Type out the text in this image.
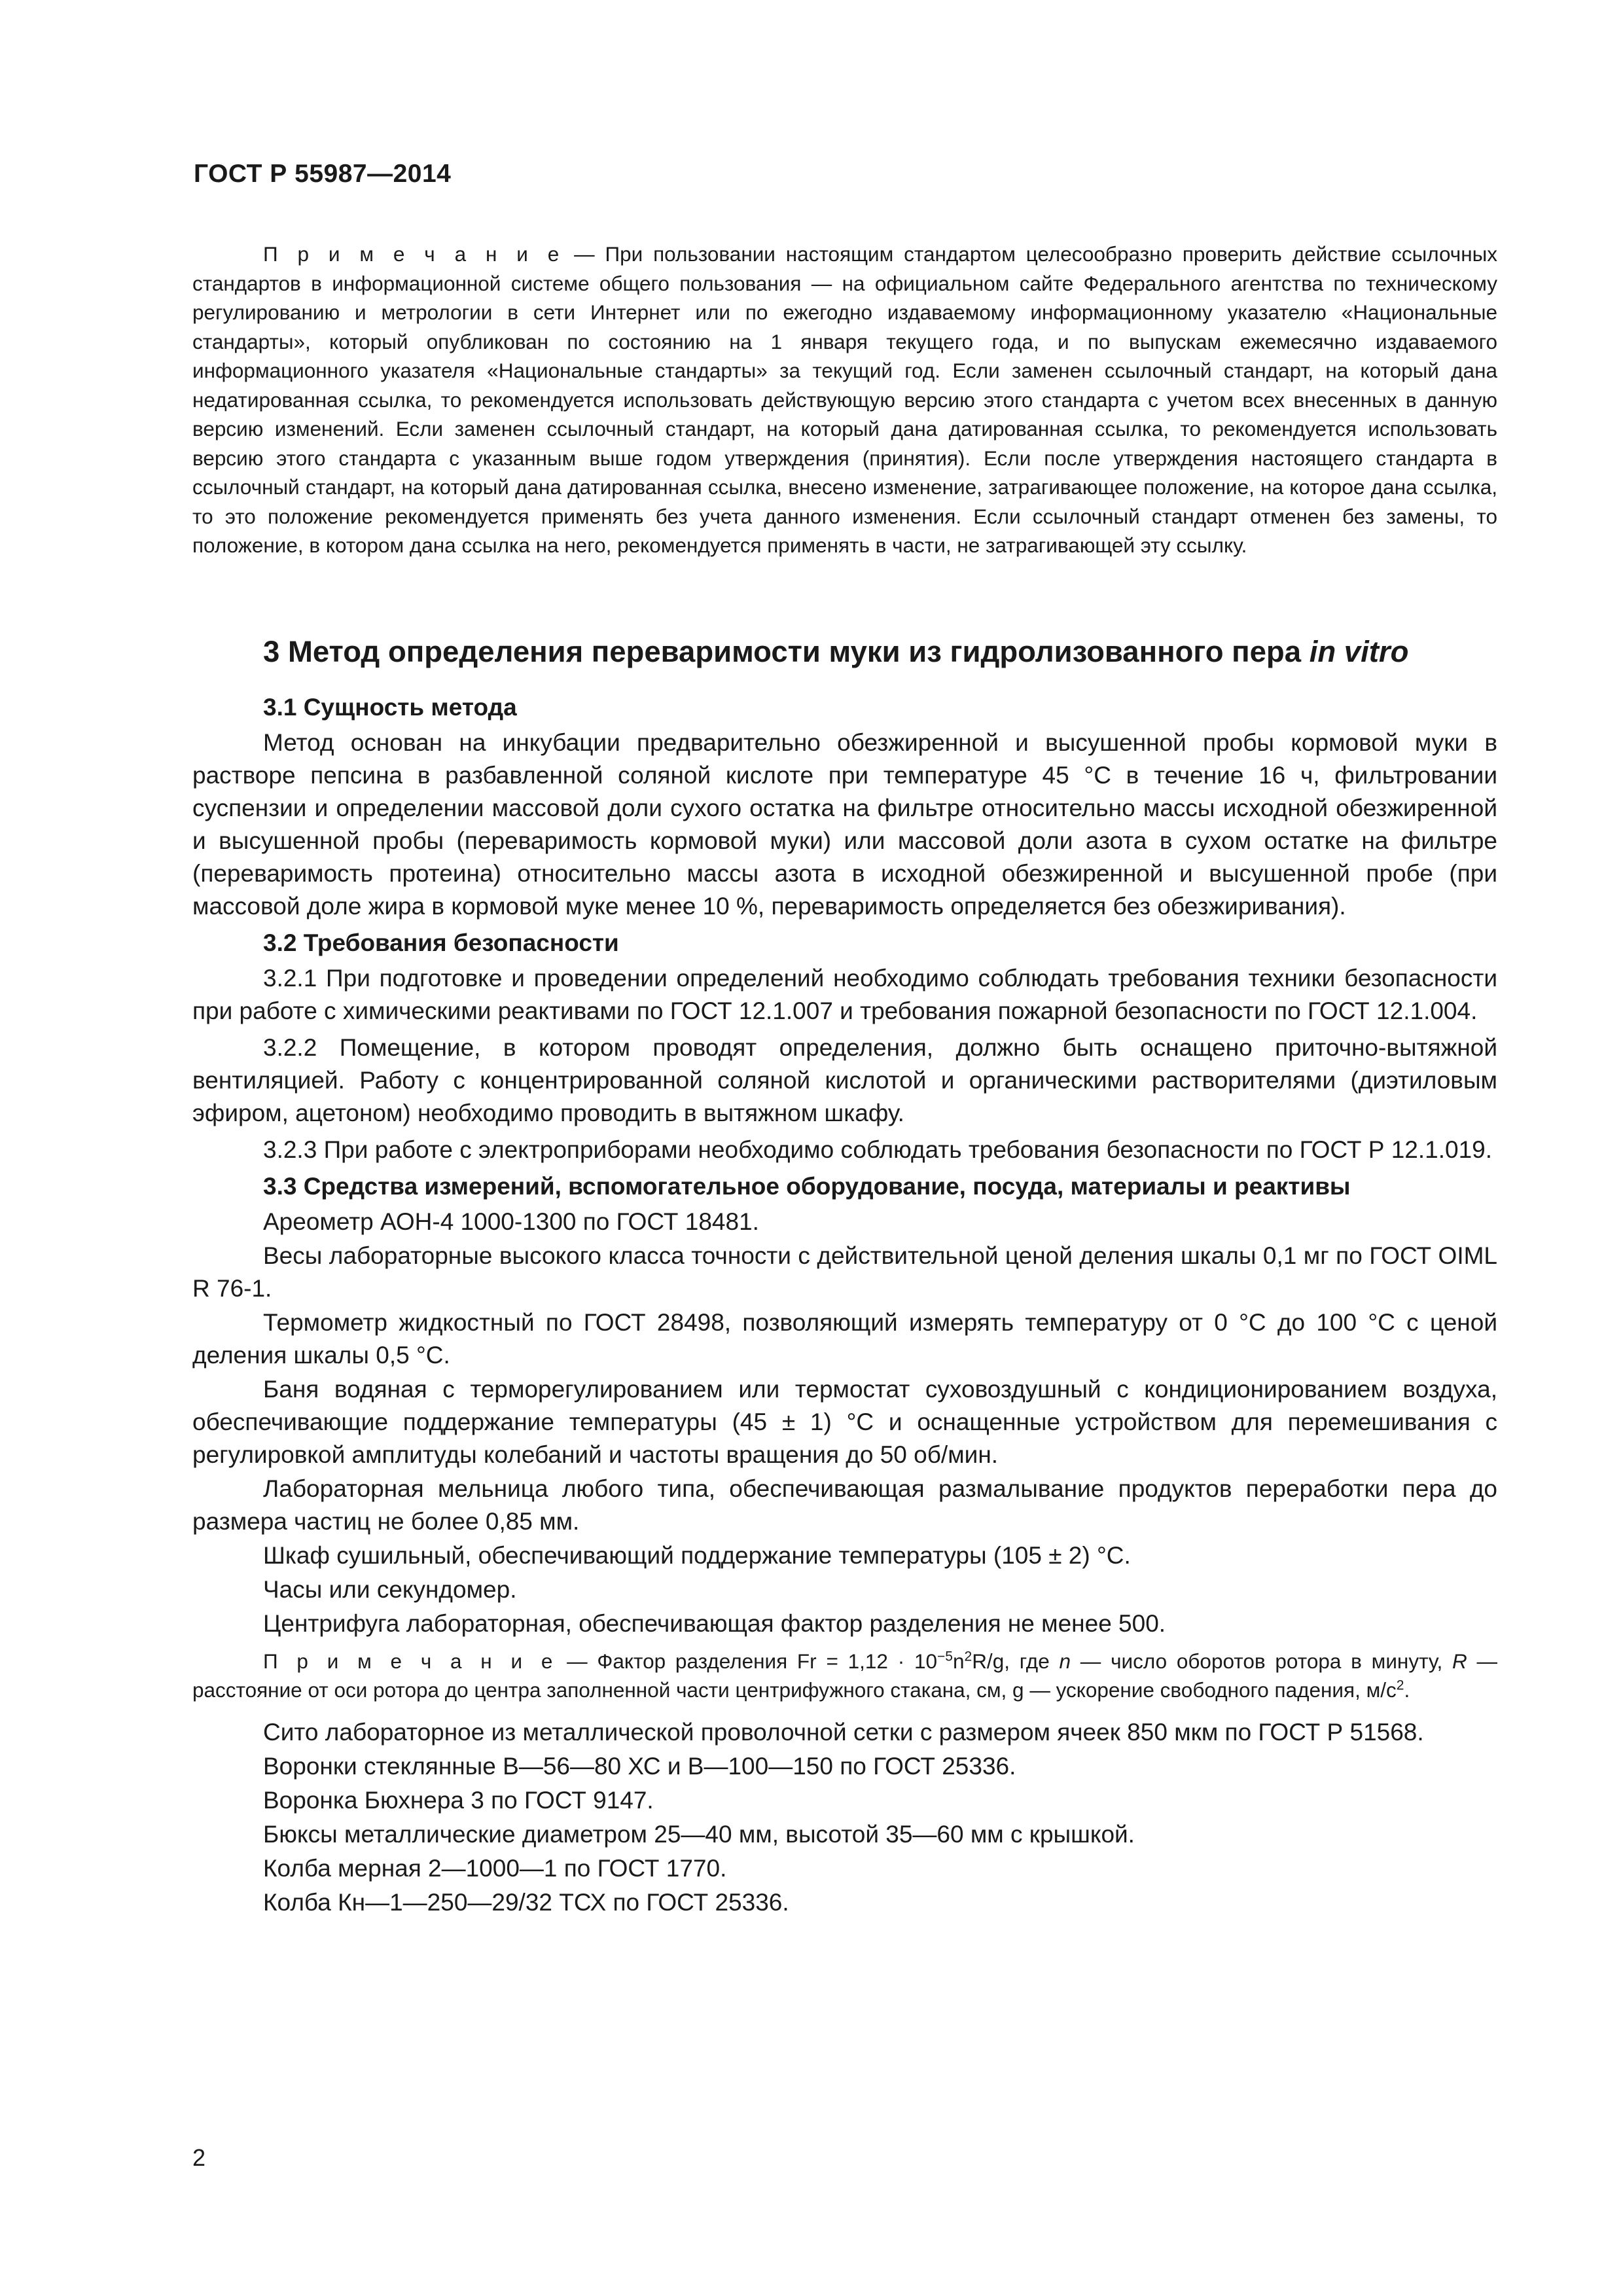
ГОСТ Р 55987—2014

П р и м е ч а н и е — При пользовании настоящим стандартом целесообразно проверить действие ссылочных стандартов в информационной системе общего пользования — на официальном сайте Федерального агентства по техническому регулированию и метрологии в сети Интернет или по ежегодно издаваемому информационному указателю «Национальные стандарты», который опубликован по состоянию на 1 января текущего года, и по выпускам ежемесячно издаваемого информационного указателя «Национальные стандарты» за текущий год. Если заменен ссылочный стандарт, на который дана недатированная ссылка, то рекомендуется использовать действующую версию этого стандарта с учетом всех внесенных в данную версию изменений. Если заменен ссылочный стандарт, на который дана датированная ссылка, то рекомендуется использовать версию этого стандарта с указанным выше годом утверждения (принятия). Если после утверждения настоящего стандарта в ссылочный стандарт, на который дана датированная ссылка, внесено изменение, затрагивающее положение, на которое дана ссылка, то это положение рекомендуется применять без учета данного изменения. Если ссылочный стандарт отменен без замены, то положение, в котором дана ссылка на него, рекомендуется применять в части, не затрагивающей эту ссылку.

3 Метод определения переваримости муки из гидролизованного пера in vitro
3.1 Сущность метода

Метод основан на инкубации предварительно обезжиренной и высушенной пробы кормовой муки в растворе пепсина в разбавленной соляной кислоте при температуре 45 °С в течение 16 ч, фильтровании суспензии и определении массовой доли сухого остатка на фильтре относительно массы исходной обезжиренной и высушенной пробы (переваримость кормовой муки) или массовой доли азота в сухом остатке на фильтре (переваримость протеина) относительно массы азота в исходной обезжиренной и высушенной пробе (при массовой доле жира в кормовой муке менее 10 %, переваримость определяется без обезжиривания).

3.2 Требования безопасности

3.2.1 При подготовке и проведении определений необходимо соблюдать требования техники безопасности при работе с химическими реактивами по ГОСТ 12.1.007 и требования пожарной безопасности по ГОСТ 12.1.004.

3.2.2 Помещение, в котором проводят определения, должно быть оснащено приточно-вытяжной вентиляцией. Работу с концентрированной соляной кислотой и органическими растворителями (диэтиловым эфиром, ацетоном) необходимо проводить в вытяжном шкафу.

3.2.3 При работе с электроприборами необходимо соблюдать требования безопасности по ГОСТ Р 12.1.019.

3.3 Средства измерений, вспомогательное оборудование, посуда, материалы и реактивы

Ареометр АОН-4 1000-1300 по ГОСТ 18481.

Весы лабораторные высокого класса точности с действительной ценой деления шкалы 0,1 мг по ГОСТ OIML R 76-1.

Термометр жидкостный по ГОСТ 28498, позволяющий измерять температуру от 0 °С до 100 °С с ценой деления шкалы 0,5 °С.

Баня водяная с терморегулированием или термостат суховоздушный с кондиционированием воздуха, обеспечивающие поддержание температуры (45 ± 1) °С и оснащенные устройством для перемешивания с регулировкой амплитуды колебаний и частоты вращения до 50 об/мин.

Лабораторная мельница любого типа, обеспечивающая размалывание продуктов переработки пера до размера частиц не более 0,85 мм.

Шкаф сушильный, обеспечивающий поддержание температуры (105 ± 2) °С.

Часы или секундомер.

Центрифуга лабораторная, обеспечивающая фактор разделения не менее 500.

П р и м е ч а н и е — Фактор разделения $Fr = 1,12 \cdot 10^{-5}n^2R/g$, где n — число оборотов ротора в минуту, R — расстояние от оси ротора до центра заполненной части центрифужного стакана, см, g — ускорение свободного падения, $м/с^2$.

Сито лабораторное из металлической проволочной сетки с размером ячеек 850 мкм по ГОСТ Р 51568.

Воронки стеклянные В—56—80 ХС и В—100—150 по ГОСТ 25336.

Воронка Бюхнера 3 по ГОСТ 9147.

Бюксы металлические диаметром 25—40 мм, высотой 35—60 мм с крышкой.

Колба мерная 2—1000—1 по ГОСТ 1770.

Колба Кн—1—250—29/32 ТСХ по ГОСТ 25336.

2
